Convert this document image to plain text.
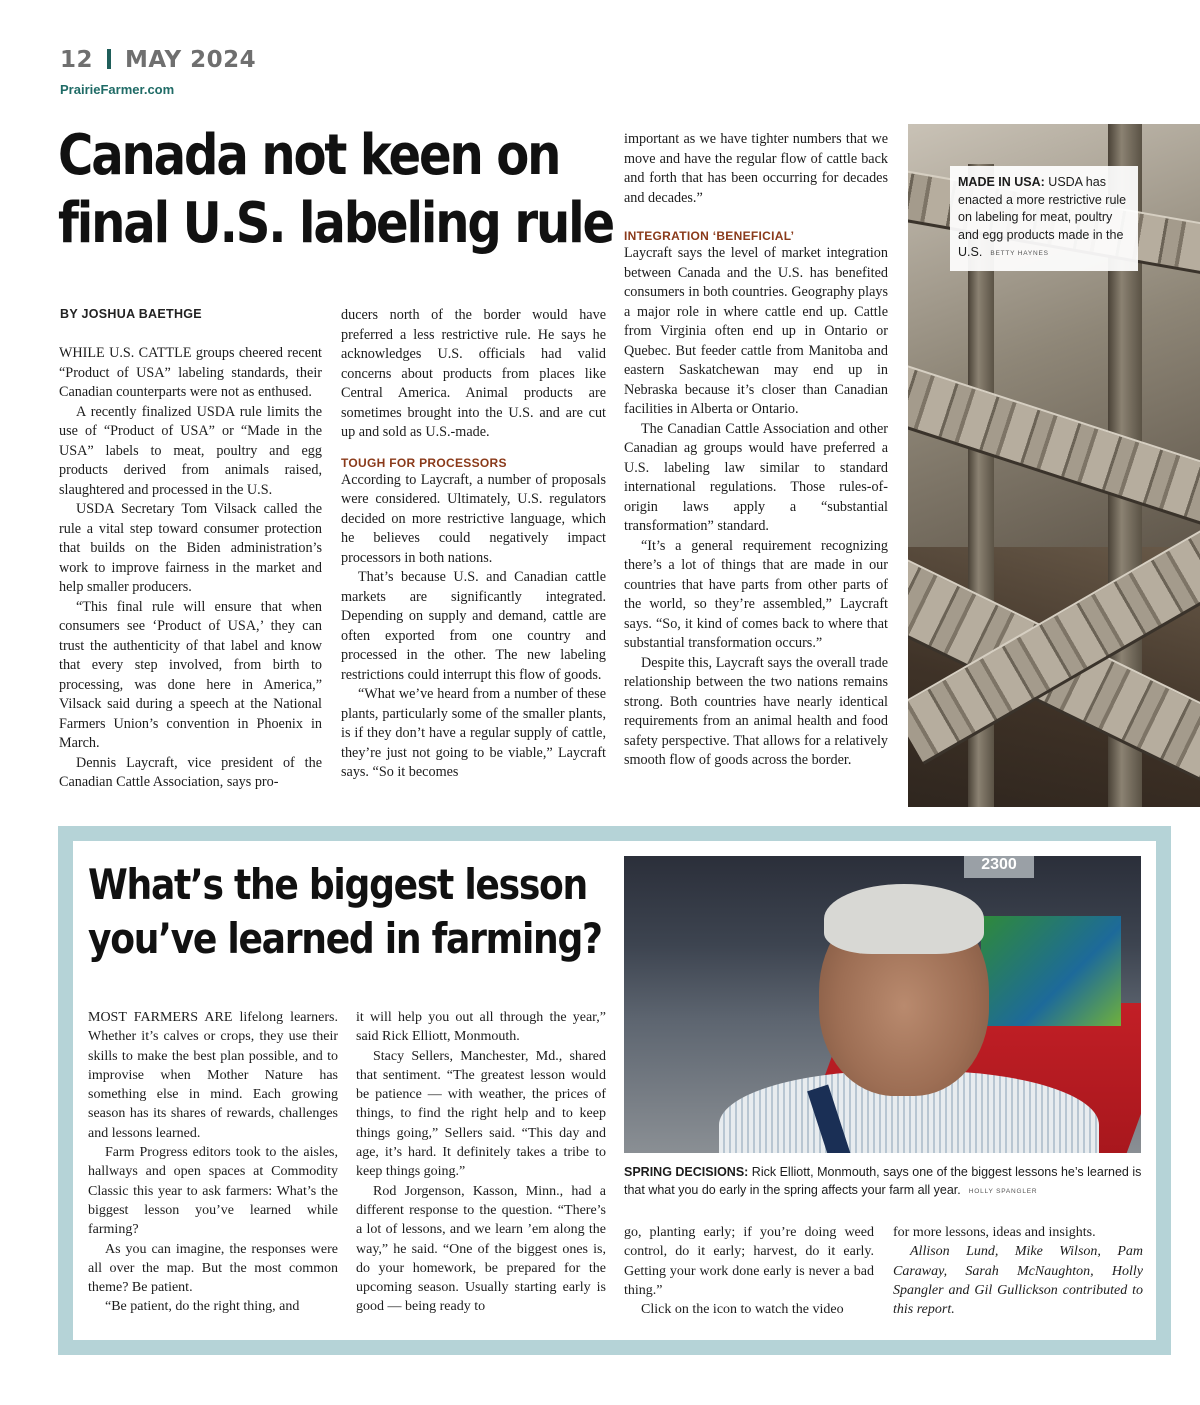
12 MAY 2024
PrairieFarmer.com
Canada not keen on
final U.S. labeling rule
BY JOSHUA BAETHGE

WHILE U.S. CATTLE groups cheered recent “Product of USA” labeling standards, their Canadian counterparts were not as enthused.

A recently finalized USDA rule limits the use of “Product of USA” or “Made in the USA” labels to meat, poultry and egg products derived from animals raised, slaughtered and processed in the U.S.

USDA Secretary Tom Vilsack called the rule a vital step toward consumer protection that builds on the Biden administration’s work to improve fairness in the market and help smaller producers.

“This final rule will ensure that when consumers see ‘Product of USA,’ they can trust the authenticity of that label and know that every step involved, from birth to processing, was done here in America,” Vilsack said during a speech at the National Farmers Union’s convention in Phoenix in March.

Dennis Laycraft, vice president of the Canadian Cattle Association, says pro-

ducers north of the border would have preferred a less restrictive rule. He says he acknowledges U.S. officials had valid concerns about products from places like Central America. Animal products are sometimes brought into the U.S. and are cut up and sold as U.S.-made.

TOUGH FOR PROCESSORS

According to Laycraft, a number of proposals were considered. Ultimately, U.S. regulators decided on more restrictive language, which he believes could negatively impact processors in both nations.

That’s because U.S. and Canadian cattle markets are significantly integrated. Depending on supply and demand, cattle are often exported from one country and processed in the other. The new labeling restrictions could interrupt this flow of goods.

“What we’ve heard from a number of these plants, particularly some of the smaller plants, is if they don’t have a regular supply of cattle, they’re just not going to be viable,” Laycraft says. “So it becomes

important as we have tighter numbers that we move and have the regular flow of cattle back and forth that has been occurring for decades and decades.”

INTEGRATION ‘BENEFICIAL’

Laycraft says the level of market integration between Canada and the U.S. has benefited consumers in both countries. Geography plays a major role in where cattle end up. Cattle from Virginia often end up in Ontario or Quebec. But feeder cattle from Manitoba and eastern Saskatchewan may end up in Nebraska because it’s closer than Canadian facilities in Alberta or Ontario.

The Canadian Cattle Association and other Canadian ag groups would have preferred a U.S. labeling law similar to standard international regulations. Those rules-of-origin laws apply a “substantial transformation” standard.

“It’s a general requirement recognizing there’s a lot of things that are made in our countries that have parts from other parts of the world, so they’re assembled,” Laycraft says. “So, it kind of comes back to where that substantial transformation occurs.”

Despite this, Laycraft says the overall trade relationship between the two nations remains strong. Both countries have nearly identical requirements from an animal health and food safety perspective. That allows for a relatively smooth flow of goods across the border.

MADE IN USA: USDA has enacted a more restrictive rule on labeling for meat, poultry and egg products made in the U.S. BETTY HAYNES
What’s the biggest lesson
you’ve learned in farming?

MOST FARMERS ARE lifelong learners. Whether it’s calves or crops, they use their skills to make the best plan possible, and to improvise when Mother Nature has something else in mind. Each growing season has its shares of rewards, challenges and lessons learned.

Farm Progress editors took to the aisles, hallways and open spaces at Commodity Classic this year to ask farmers: What’s the biggest lesson you’ve learned while farming?

As you can imagine, the responses were all over the map. But the most common theme? Be patient.

“Be patient, do the right thing, and

it will help you out all through the year,” said Rick Elliott, Monmouth.

Stacy Sellers, Manchester, Md., shared that sentiment. “The greatest lesson would be patience — with weather, the prices of things, to find the right help and to keep things going,” Sellers said. “This day and age, it’s hard. It definitely takes a tribe to keep things going.”

Rod Jorgenson, Kasson, Minn., had a different response to the question. “There’s a lot of lessons, and we learn ’em along the way,” he said. “One of the biggest ones is, do your homework, be prepared for the upcoming season. Usually starting early is good — being ready to

go, planting early; if you’re doing weed control, do it early; harvest, do it early. Getting your work done early is never a bad thing.”

Click on the icon to watch the video

for more lessons, ideas and insights.

Allison Lund, Mike Wilson, Pam Caraway, Sarah McNaughton, Holly Spangler and Gil Gullickson contributed to this report.

2300
SPRING DECISIONS: Rick Elliott, Monmouth, says one of the biggest lessons he’s learned is that what you do early in the spring affects your farm all year. HOLLY SPANGLER
